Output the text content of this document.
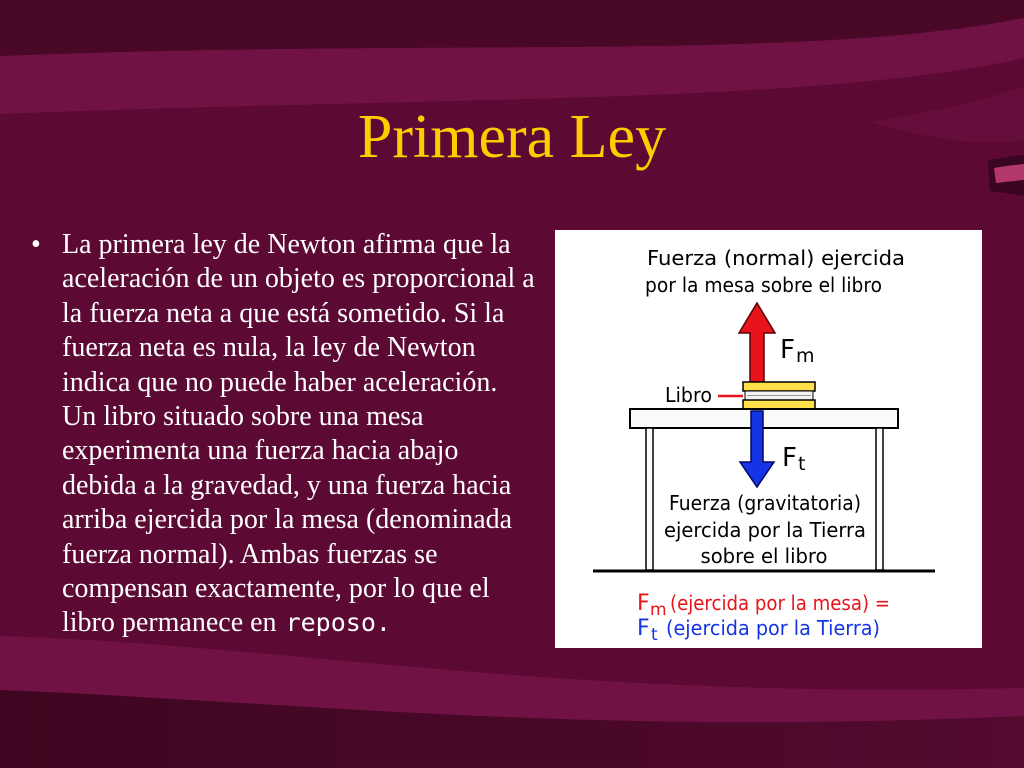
Primera Ley
• La primera ley de Newton afirma que la
aceleración de un objeto es proporcional a
la fuerza neta a que está sometido. Si la
fuerza neta es nula, la ley de Newton
indica que no puede haber aceleración.
Un libro situado sobre una mesa
experimenta una fuerza hacia abajo
debida a la gravedad, y una fuerza hacia
arriba ejercida por la mesa (denominada
fuerza normal). Ambas fuerzas se
compensan exactamente, por lo que el
libro permanece en reposo.
Fuerza (normal) ejercida
por la mesa sobre el libro
F m
Libro
F t
Fuerza (gravitatoria)
ejercida por la Tierra
sobre el libro
F m (ejercida por la mesa) =
F t (ejercida por la Tierra)
